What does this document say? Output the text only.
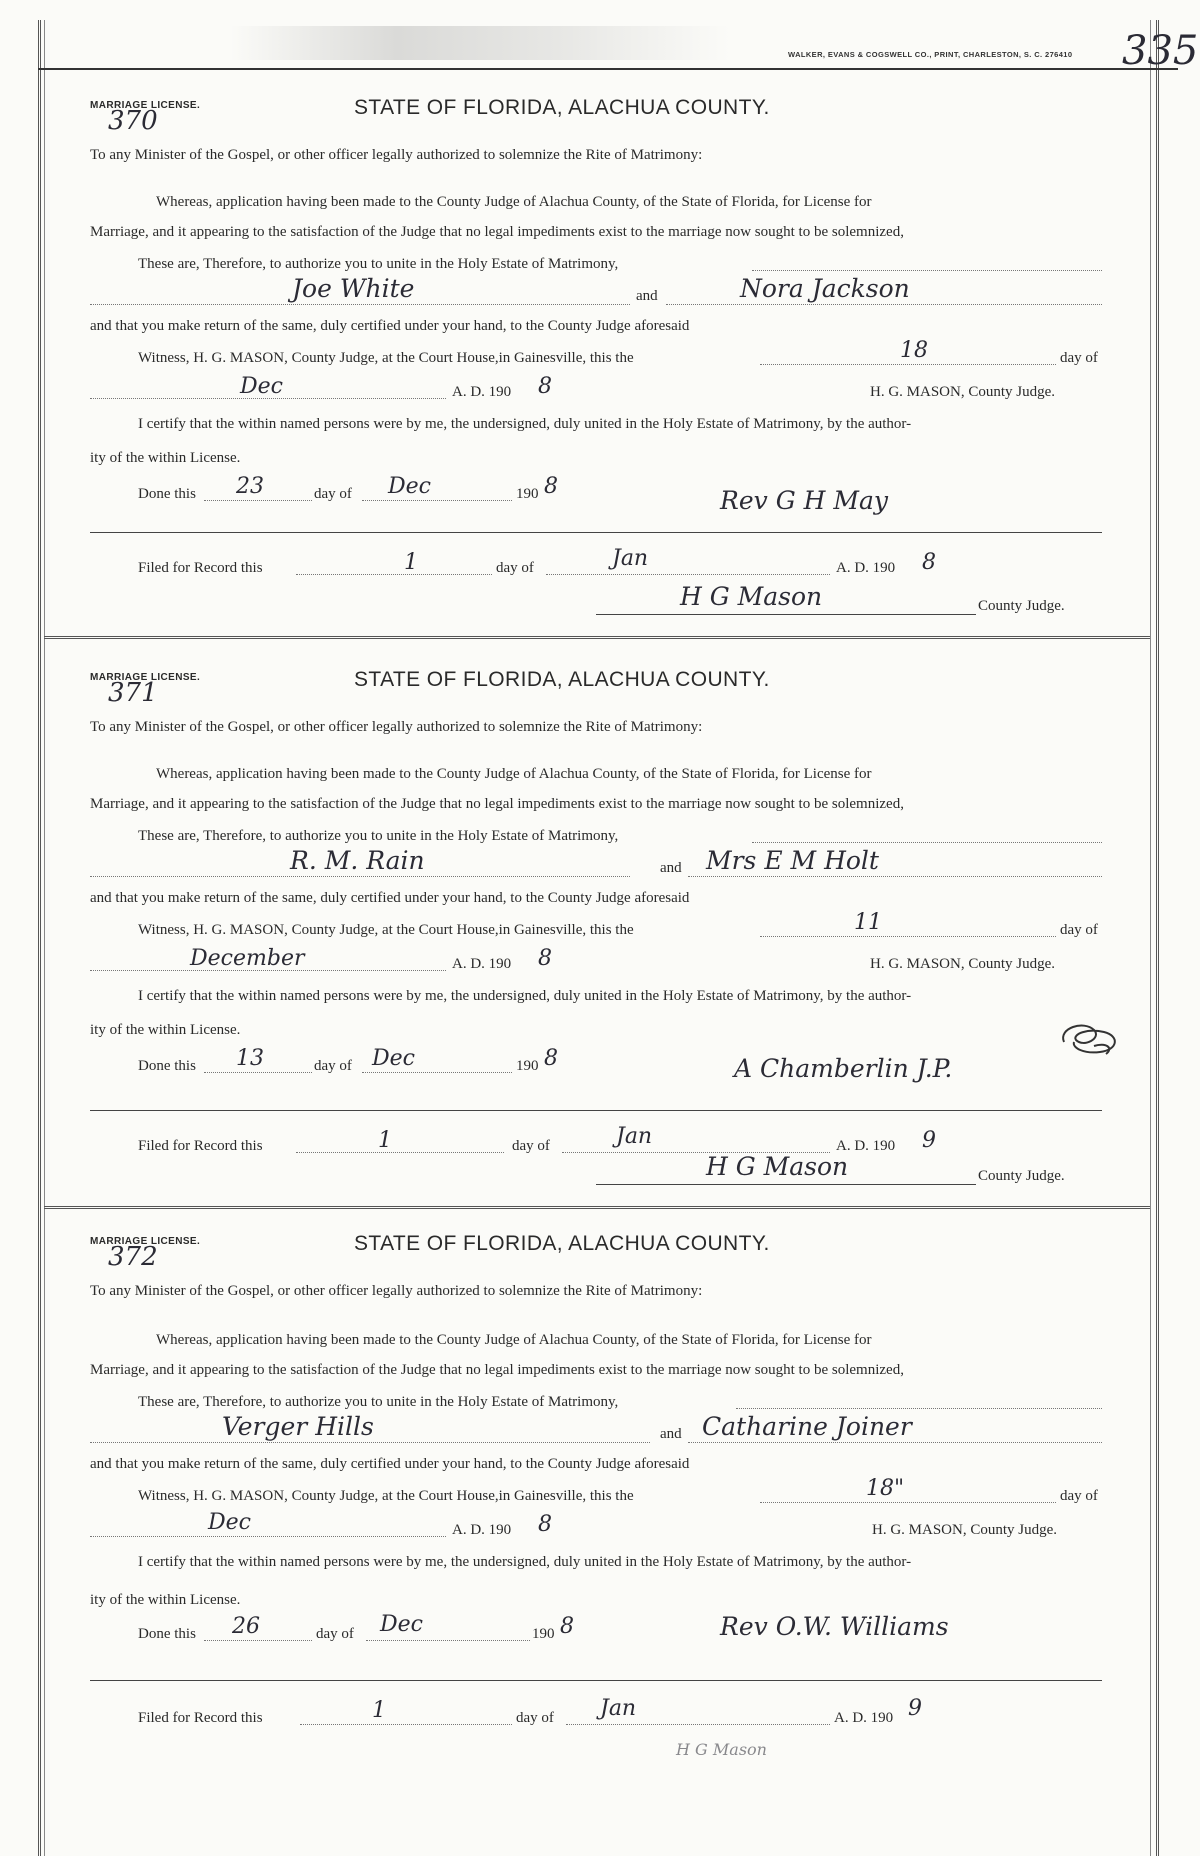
WALKER, EVANS & COGSWELL CO., PRINT, CHARLESTON, S. C. 276410 335
MARRIAGE LICENSE.
370	STATE OF FLORIDA, ALACHUA COUNTY.
To any Minister of the Gospel, or other officer legally authorized to solemnize the Rite of Matrimony:
Whereas, application having been made to the County Judge of Alachua County, of the State of Florida, for License for
Marriage, and it appearing to the satisfaction of the Judge that no legal impediments exist to the marriage now sought to be solemnized,
These are, Therefore, to authorize you to unite in the Holy Estate of Matrimony,
Joe White	and	Nora Jackson
and that you make return of the same, duly certified under your hand, to the County Judge aforesaid
Witness, H. G. MASON, County Judge, at the Court House,in Gainesville, this the	18	day of
Dec	A. D. 190 8	H. G. MASON, County Judge.
I certify that the within named persons were by me, the undersigned, duly united in the Holy Estate of Matrimony, by the author-
ity of the within License.
Done this 23	day of Dec	190 8	Rev G H May
Filed for Record this	1	day of	Jan	A. D. 190 8
H G Mason	County Judge.
MARRIAGE LICENSE.
371	STATE OF FLORIDA, ALACHUA COUNTY.
To any Minister of the Gospel, or other officer legally authorized to solemnize the Rite of Matrimony:
Whereas, application having been made to the County Judge of Alachua County, of the State of Florida, for License for
Marriage, and it appearing to the satisfaction of the Judge that no legal impediments exist to the marriage now sought to be solemnized,
These are, Therefore, to authorize you to unite in the Holy Estate of Matrimony,
R. M. Rain	and Mrs E M Holt
and that you make return of the same, duly certified under your hand, to the County Judge aforesaid
Witness, H. G. MASON, County Judge, at the Court House,in Gainesville, this the	11	day of
December	A. D. 190 8	H. G. MASON, County Judge.
I certify that the within named persons were by me, the undersigned, duly united in the Holy Estate of Matrimony, by the author-
ity of the within License.
Done this 13	day of Dec	190 8	A Chamberlin J.P.
Filed for Record this	1	day of	Jan	A. D. 190 9
H G Mason	County Judge.
MARRIAGE LICENSE.
372	STATE OF FLORIDA, ALACHUA COUNTY.
To any Minister of the Gospel, or other officer legally authorized to solemnize the Rite of Matrimony:
Whereas, application having been made to the County Judge of Alachua County, of the State of Florida, for License for
Marriage, and it appearing to the satisfaction of the Judge that no legal impediments exist to the marriage now sought to be solemnized,
These are, Therefore, to authorize you to unite in the Holy Estate of Matrimony,
Verger Hills	and Catharine Joiner
and that you make return of the same, duly certified under your hand, to the County Judge aforesaid
Witness, H. G. MASON, County Judge, at the Court House,in Gainesville, this the	18"	day of
Dec	A. D. 190 8	H. G. MASON, County Judge.
I certify that the within named persons were by me, the undersigned, duly united in the Holy Estate of Matrimony, by the author-
ity of the within License.
Done this 26	day of Dec	190 8	Rev O.W. Williams
Filed for Record this	1	day of Jan	A. D. 190 9
H G Mason
